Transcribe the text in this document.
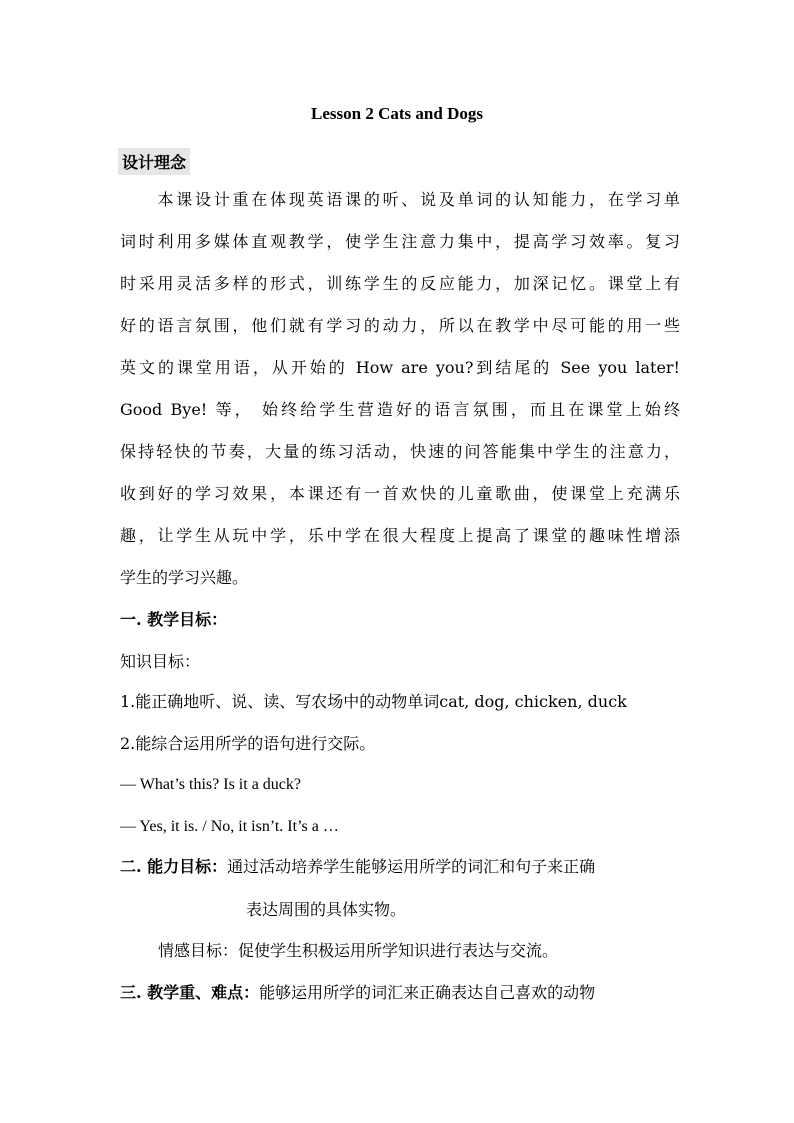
Lesson 2 Cats and Dogs
设计理念
　　本课设计重在体现英语课的听、说及单词的认知能力，在学习单
词时利用多媒体直观教学，使学生注意力集中，提高学习效率。复习
时采用灵活多样的形式，训练学生的反应能力，加深记忆。课堂上有
好的语言氛围，他们就有学习的动力，所以在教学中尽可能的用一些
英文的课堂用语，从开始的 How are you?到结尾的 See you later!
Good Bye! 等， 始终给学生营造好的语言氛围，而且在课堂上始终
保持轻快的节奏，大量的练习活动，快速的问答能集中学生的注意力，
收到好的学习效果，本课还有一首欢快的儿童歌曲，使课堂上充满乐
趣，让学生从玩中学，乐中学在很大程度上提高了课堂的趣味性增添
学生的学习兴趣。
一. 教学目标：
知识目标：
1.能正确地听、说、读、写农场中的动物单词cat, dog, chicken, duck
2.能综合运用所学的语句进行交际。
— What’s this? Is it a duck?
— Yes, it is. / No, it isn’t. It’s a …
二. 能力目标：通过活动培养学生能够运用所学的词汇和句子来正确
表达周围的具体实物。
情感目标：促使学生积极运用所学知识进行表达与交流。
三. 教学重、难点：能够运用所学的词汇来正确表达自己喜欢的动物
